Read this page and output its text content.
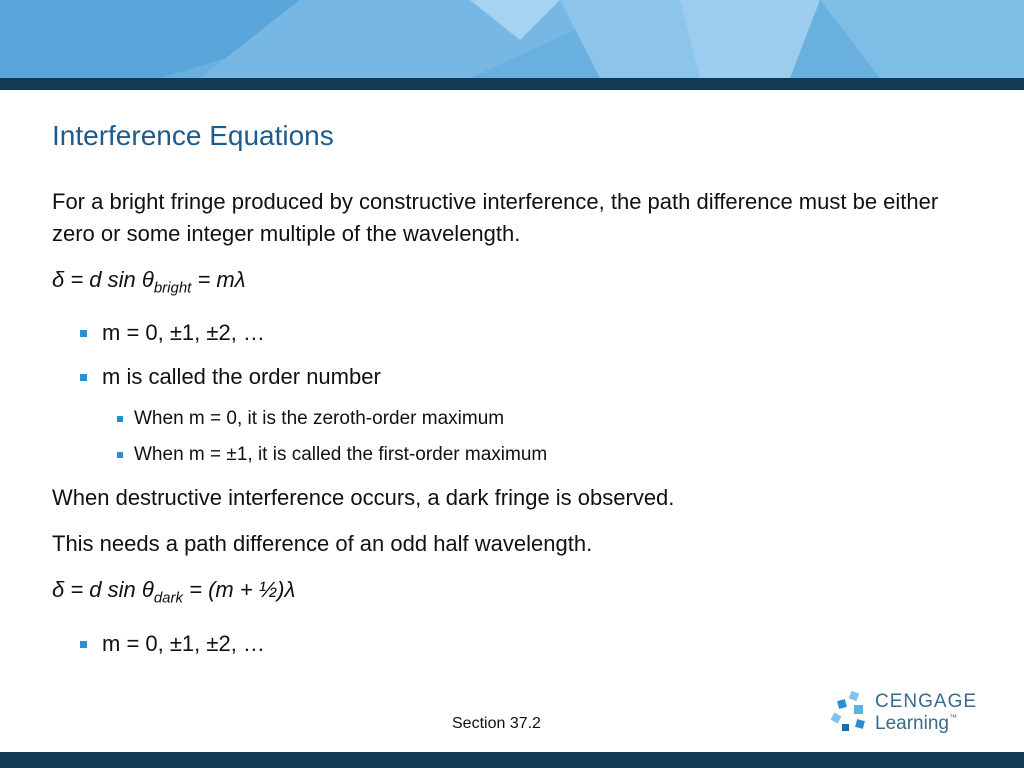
Interference Equations

For a bright fringe produced by constructive interference, the path difference must be either zero or some integer multiple of the wavelength.

δ = d $\sin \theta_{bright} = m\lambda$

m = 0, ±1, ±2, …
m is called the order number
When m = 0, it is the zeroth-order maximum
When m = ±1, it is called the first-order maximum

When destructive interference occurs, a dark fringe is observed.

This needs a path difference of an odd half wavelength.

δ = d $\sin \theta_{dark} = (m$ + ½)λ

m = 0, ±1, ±2, …
Section 37.2
CENGAGE
Learning™
